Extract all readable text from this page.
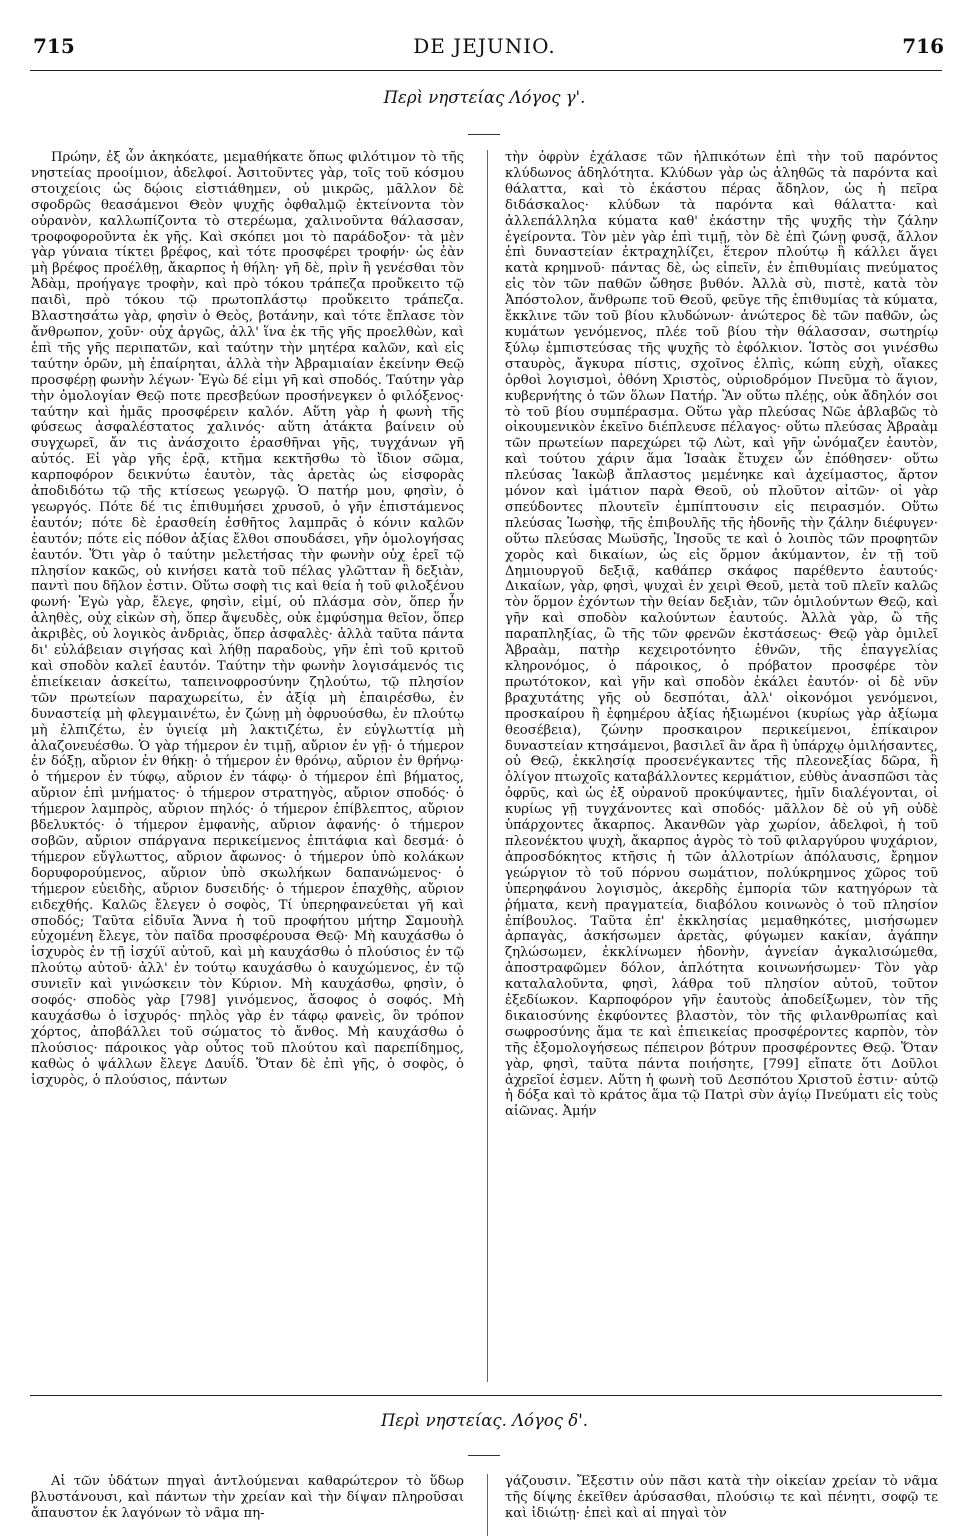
715	DE JEJUNIO.	716
Περὶ νηστείας Λόγος γ'.

Πρώην, ἐξ ὧν ἀκηκόατε, μεμαθήκατε ὅπως φιλότιμον τὸ τῆς νηστείας προοίμιον, ἀδελφοί. Ἀσιτοῦντες γὰρ, τοῖς τοῦ κόσμου στοιχείοις ὡς δῴοις εἰστιάθημεν, οὐ μικρῶς, μᾶλλον δὲ σφοδρῶς θεασάμενοι Θεὸν ψυχῆς ὀφθαλμῷ ἐκτείνοντα τὸν οὐρανὸν, καλλωπίζοντα τὸ στερέωμα, χαλινοῦντα θάλασσαν, τροφοφοροῦντα ἐκ γῆς. Καὶ σκόπει μοι τὸ παράδοξον· τὰ μὲν γὰρ γύναια τίκτει βρέφος, καὶ τότε προσφέρει τροφήν· ὡς ἐὰν μὴ βρέφος προέλθῃ, ἄκαρπος ἡ θήλη· γῆ δὲ, πρὶν ἢ γενέσθαι τὸν Ἀδὰμ, προήγαγε τροφὴν, καὶ πρὸ τόκου τράπεζα προὔκειτο τῷ παιδὶ, πρὸ τόκου τῷ πρωτοπλάστῳ προὔκειτο τράπεζα. Βλαστησάτω γὰρ, φησὶν ὁ Θεὸς, βοτάνην, καὶ τότε ἔπλασε τὸν ἄνθρωπον, χοῦν· οὐχ ἀργῶς, ἀλλ' ἵνα ἐκ τῆς γῆς προελθὼν, καὶ ἐπὶ τῆς γῆς περιπατῶν, καὶ ταύτην τὴν μητέρα καλῶν, καὶ εἰς ταύτην ὁρῶν, μὴ ἐπαίρηται, ἀλλὰ τὴν Ἀβραμιαίαν ἐκείνην Θεῷ προσφέρῃ φωνὴν λέγων· Ἐγὼ δέ εἰμι γῆ καὶ σποδός. Ταύτην γὰρ τὴν ὁμολογίαν Θεῷ ποτε πρεσβεύων προσήνεγκεν ὁ φιλόξενος· ταύτην καὶ ἡμᾶς προσφέρειν καλόν. Αὕτη γὰρ ἡ φωνὴ τῆς φύσεως ἀσφαλέστατος χαλινός· αὕτη ἀτάκτα βαίνειν οὐ συγχωρεῖ, ἄν τις ἀνάσχοιτο ἐρασθῆναι γῆς, τυγχάνων γῆ αὐτός. Εἰ γὰρ γῆς ἐρᾷ, κτῆμα κεκτῆσθω τὸ ἴδιον σῶμα, καρποφόρον δεικνύτω ἑαυτὸν, τὰς ἀρετὰς ὡς εἰσφορὰς ἀποδιδότω τῷ τῆς κτίσεως γεωργῷ. Ὁ πατήρ μου, φησὶν, ὁ γεωργός. Πότε δέ τις ἐπιθυμήσει χρυσοῦ, ὁ γῆν ἐπιστάμενος ἑαυτόν; πότε δὲ ἐρασθείη ἐσθῆτος λαμπρᾶς ὁ κόνιν καλῶν ἑαυτόν; πότε εἰς πόθον ἀξίας ἔλθοι σπουδάσει, γῆν ὁμολογήσας ἑαυτόν. Ὅτι γὰρ ὁ ταύτην μελετήσας τὴν φωνὴν οὐχ ἐρεῖ τῷ πλησίον κακῶς, οὐ κινήσει κατὰ τοῦ πέλας γλῶτταν ἢ δεξιὰν, παντὶ που δῆλον ἐστιν. Οὕτω σοφὴ τις καὶ θεία ἡ τοῦ φιλοξένου φωνή· Ἐγὼ γὰρ, ἔλεγε, φησὶν, εἰμί, οὐ πλάσμα σὸν, ὅπερ ἦν ἀληθὲς, οὐχ εἰκὼν σὴ, ὅπερ ἄψευδὲς, οὐκ ἐμφύσημα θεῖον, ὅπερ ἀκριβὲς, οὐ λογικὸς ἀνδριὰς, ὅπερ ἀσφαλὲς· ἀλλὰ ταῦτα πάντα δι' εὐλάβειαν σιγήσας καὶ λήθῃ παραδοὺς, γῆν ἐπὶ τοῦ κριτοῦ καὶ σποδὸν καλεῖ ἑαυτόν. Ταύτην τὴν φωνὴν λογισάμενός τις ἐπιείκειαν ἀσκείτω, ταπεινοφροσύνην ζηλούτω, τῷ πλησίον τῶν πρωτείων παραχωρείτω, ἐν ἀξίᾳ μὴ ἐπαιρέσθω, ἐν δυναστείᾳ μὴ φλεγμαινέτω, ἐν ζώνῃ μὴ ὀφρυούσθω, ἐν πλούτῳ μὴ ἐλπιζέτω, ἐν ὑγιείᾳ μὴ λακτιζέτω, ἐν εὐγλωττίᾳ μὴ ἀλαζονευέσθω. Ὁ γὰρ τήμερον ἐν τιμῇ, αὔριον ἐν γῇ· ὁ τήμερον ἐν δόξῃ, αὔριον ἐν θήκῃ· ὁ τήμερον ἐν θρόνῳ, αὔριον ἐν θρήνῳ· ὁ τήμερον ἐν τύφῳ, αὔριον ἐν τάφῳ· ὁ τήμερον ἐπὶ βήματος, αὔριον ἐπὶ μνήματος· ὁ τήμερον στρατηγὸς, αὔριον σποδός· ὁ τήμερον λαμπρὸς, αὔριον πηλός· ὁ τήμερον ἐπίβλεπτος, αὔριον βδελυκτός· ὁ τήμερον ἐμφανὴς, αὔριον ἀφανής· ὁ τήμερον σοβῶν, αὔριον σπάργανα περικείμενος ἐπιτάφια καὶ δεσμά· ὁ τήμερον εὔγλωττος, αὔριον ἄφωνος· ὁ τήμερον ὑπὸ κολάκων δορυφορούμενος, αὔριον ὑπὸ σκωλήκων δαπανώμενος· ὁ τήμερον εὐειδὴς, αὔριον δυσειδής· ὁ τήμερον ἐπαχθὴς, αὔριον ειδεχθής. Καλῶς ἔλεγεν ὁ σοφὸς, Τί ὑπερηφανεύεται γῆ καὶ σποδός; Ταῦτα εἰδυῖα Ἄννα ἡ τοῦ προφήτου μήτηρ Σαμουὴλ εὐχομένη ἔλεγε, τὸν παῖδα προσφέρουσα Θεῷ· Μὴ καυχάσθω ὁ ἰσχυρὸς ἐν τῇ ἰσχύϊ αὐτοῦ, καὶ μὴ καυχάσθω ὁ πλούσιος ἐν τῷ πλούτῳ αὐτοῦ· ἀλλ' ἐν τούτῳ καυχάσθω ὁ καυχώμενος, ἐν τῷ συνιεῖν καὶ γινώσκειν τὸν Κύριον. Μὴ καυχάσθω, φησὶν, ὁ σοφός· σποδὸς γὰρ [798] γινόμενος, ἄσοφος ὁ σοφός. Μὴ καυχάσθω ὁ ἰσχυρός· πηλὸς γὰρ ἐν τάφῳ φανεὶς, ὃν τρόπον χόρτος, ἀποβάλλει τοῦ σώματος τὸ ἄνθος. Μὴ καυχάσθω ὁ πλούσιος· πάροικος γὰρ οὗτος τοῦ πλούτου καὶ παρεπίδημος, καθὼς ὁ ψάλλων ἔλεγε Δαυΐδ. Ὅταν δὲ ἐπὶ γῆς, ὁ σοφὸς, ὁ ἰσχυρὸς, ὁ πλούσιος, πάντων

τὴν ὀφρὺν ἐχάλασε τῶν ἠλπικότων ἐπὶ τὴν τοῦ παρόντος κλύδωνος ἀδηλότητα. Κλύδων γὰρ ὡς ἀληθῶς τὰ παρόντα καὶ θάλαττα, καὶ τὸ ἑκάστου πέρας ἄδηλον, ὡς ἡ πεῖρα διδάσκαλος· κλύδων τὰ παρόντα καὶ θάλαττα· καὶ ἀλλεπάλληλα κύματα καθ' ἑκάστην τῆς ψυχῆς τὴν ζάλην ἐγείροντα. Τὸν μὲν γὰρ ἐπὶ τιμῇ, τὸν δὲ ἐπὶ ζώνῃ φυσᾷ, ἄλλον ἐπὶ δυναστείαν ἐκτραχηλίζει, ἕτερον πλούτῳ ἢ κάλλει ἄγει κατὰ κρημνοῦ· πάντας δὲ, ὡς εἰπεῖν, ἐν ἐπιθυμίαις πνεύματος εἰς τὸν τῶν παθῶν ὤθησε βυθόν. Ἀλλὰ σὺ, πιστὲ, κατὰ τὸν Ἀπόστολον, ἄνθρωπε τοῦ Θεοῦ, φεῦγε τῆς ἐπιθυμίας τὰ κύματα, ἔκκλινε τῶν τοῦ βίου κλυδώνων· ἀνώτερος δὲ τῶν παθῶν, ὡς κυμάτων γενόμενος, πλέε τοῦ βίου τὴν θάλασσαν, σωτηρίῳ ξύλῳ ἐμπιστεύσας τῆς ψυχῆς τὸ ἐφόλκιον. Ἱστὸς σοι γινέσθω σταυρὸς, ἄγκυρα πίστις, σχοῖνος ἐλπὶς, κώπη εὐχὴ, οἴακες ὀρθοὶ λογισμοὶ, ὀθόνη Χριστὸς, οὐριοδρόμον Πνεῦμα τὸ ἅγιον, κυβερνήτης ὁ τῶν ὅλων Πατήρ. Ἂν οὕτω πλέῃς, οὐκ ἄδηλόν σοι τὸ τοῦ βίου συμπέρασμα. Οὕτω γὰρ πλεύσας Νῶε ἀβλαβῶς τὸ οἰκουμενικὸν ἐκεῖνο διέπλευσε πέλαγος· οὕτω πλεύσας Ἀβραὰμ τῶν πρωτείων παρεχώρει τῷ Λὼτ, καὶ γῆν ὠνόμαζεν ἑαυτὸν, καὶ τούτου χάριν ἅμα Ἰσαὰκ ἔτυχεν ὧν ἐπόθησεν· οὕτω πλεύσας Ἰακὼβ ἄπλαστος μεμένηκε καὶ ἀχείμαστος, ἄρτον μόνον καὶ ἱμάτιον παρὰ Θεοῦ, οὐ πλοῦτον αἰτῶν· οἱ γὰρ σπεύδοντες πλουτεῖν ἐμπίπτουσιν εἰς πειρασμόν. Οὕτω πλεύσας Ἰωσὴφ, τῆς ἐπιβουλῆς τῆς ἡδονῆς τὴν ζάλην διέφυγεν· οὕτω πλεύσας Μωϋσῆς, Ἰησοῦς τε καὶ ὁ λοιπὸς τῶν προφητῶν χορὸς καὶ δικαίων, ὡς εἰς ὅρμον ἀκύμαντον, ἐν τῇ τοῦ Δημιουργοῦ δεξιᾷ, καθάπερ σκάφος παρέθεντο ἑαυτούς· Δικαίων, γὰρ, φησὶ, ψυχαὶ ἐν χειρὶ Θεοῦ, μετὰ τοῦ πλεῖν καλῶς τὸν ὅρμον ἐχόντων τὴν θείαν δεξιὰν, τῶν ὁμιλούντων Θεῷ, καὶ γῆν καὶ σποδὸν καλούντων ἑαυτούς. Ἀλλὰ γὰρ, ὢ τῆς παραπληξίας, ὢ τῆς τῶν φρενῶν ἐκστάσεως· Θεῷ γὰρ ὁμιλεῖ Ἀβραὰμ, πατὴρ κεχειροτόνητο ἐθνῶν, τῆς ἐπαγγελίας κληρονόμος, ὁ πάροικος, ὁ πρόβατον προσφέρε τὸν πρωτότοκον, καὶ γῆν καὶ σποδὸν ἐκάλει ἑαυτόν· οἱ δὲ νῦν βραχυτάτης γῆς οὐ δεσπόται, ἀλλ' οἰκονόμοι γενόμενοι, προσκαίρου ἢ ἐφημέρου ἀξίας ἠξιωμένοι (κυρίως γὰρ ἀξίωμα θεοσέβεια), ζώνην προσκαιρον περικείμενοι, ἐπίκαιρον δυναστείαν κτησάμενοι, βασιλεῖ ἂν ἄρα ἢ ὑπάρχῳ ὁμιλήσαντες, οὐ Θεῷ, ἐκκλησίᾳ προσενέγκαντες τῆς πλεονεξίας δῶρα, ἢ ὀλίγον πτωχοῖς καταβάλλοντες κερμάτιον, εὐθὺς ἀνασπῶσι τὰς ὀφρῦς, καὶ ὡς ἐξ οὐρανοῦ προκύψαντες, ἡμῖν διαλέγονται, οἱ κυρίως γῇ τυγχάνοντες καὶ σποδός· μᾶλλον δὲ οὐ γῆ οὐδὲ ὑπάρχοντες ἄκαρπος. Ἀκανθῶν γὰρ χωρίον, ἀδελφοὶ, ἡ τοῦ πλεονέκτου ψυχὴ, ἄκαρπος ἀγρὸς τὸ τοῦ φιλαργύρου ψυχάριον, ἀπροσδόκητος κτῆσις ἡ τῶν ἀλλοτρίων ἀπόλαυσις, ἔρημον γεώργιον τὸ τοῦ πόρνου σωμάτιον, πολύκρημνος χῶρος τοῦ ὑπερηφάνου λογισμὸς, ἀκερδὴς ἐμπορία τῶν κατηγόρων τὰ ῥήματα, κενὴ πραγματεία, διαβόλου κοινωνὸς ὁ τοῦ πλησίον ἐπίβουλος. Ταῦτα ἐπ' ἐκκλησίας μεμαθηκότες, μισήσωμεν ἁρπαγὰς, ἀσκήσωμεν ἀρετὰς, φύγωμεν κακίαν, ἀγάπην ζηλώσωμεν, ἐκκλίνωμεν ἡδονὴν, ἁγνείαν ἀγκαλισώμεθα, ἀποστραφῶμεν δόλον, ἁπλότητα κοινωνήσωμεν· Τὸν γὰρ καταλαλοῦντα, φησὶ, λάθρα τοῦ πλησίον αὐτοῦ, τοῦτον ἐξεδίωκον. Καρποφόρον γῆν ἑαυτοὺς ἀποδείξωμεν, τὸν τῆς δικαιοσύνης ἐκφύοντες βλαστὸν, τὸν τῆς φιλανθρωπίας καὶ σωφροσύνης ἅμα τε καὶ ἐπιεικείας προσφέροντες καρπὸν, τὸν τῆς ἐξομολογήσεως πέπειρον βότρυν προσφέροντες Θεῷ. Ὅταν γὰρ, φησὶ, ταῦτα πάντα ποιήσητε, [799] εἴπατε ὅτι Δοῦλοι ἀχρεῖοί ἐσμεν. Αὕτη ἡ φωνὴ τοῦ Δεσπότου Χριστοῦ ἐστιν· αὐτῷ ἡ δόξα καὶ τὸ κράτος ἅμα τῷ Πατρὶ σὺν ἁγίῳ Πνεύματι εἰς τοὺς αἰῶνας. Ἀμήν

Περὶ νηστείας. Λόγος δ'.

Αἱ τῶν ὑδάτων πηγαὶ ἀντλούμεναι καθαρώτερον τὸ ὕδωρ βλυστάνουσι, καὶ πάντων τὴν χρείαν καὶ τὴν δίψαν πληροῦσαι ἄπαυστον ἐκ λαγόνων τὸ νᾶμα πη-

γάζουσιν. Ἔξεστιν οὖν πᾶσι κατὰ τὴν οἰκείαν χρείαν τὸ νᾶμα τῆς δίψης ἐκεῖθεν ἀρύσασθαι, πλούσιῳ τε καὶ πένητι, σοφῷ τε καὶ ἰδιώτῃ· ἐπεὶ καὶ αἱ πηγαὶ τὸν
